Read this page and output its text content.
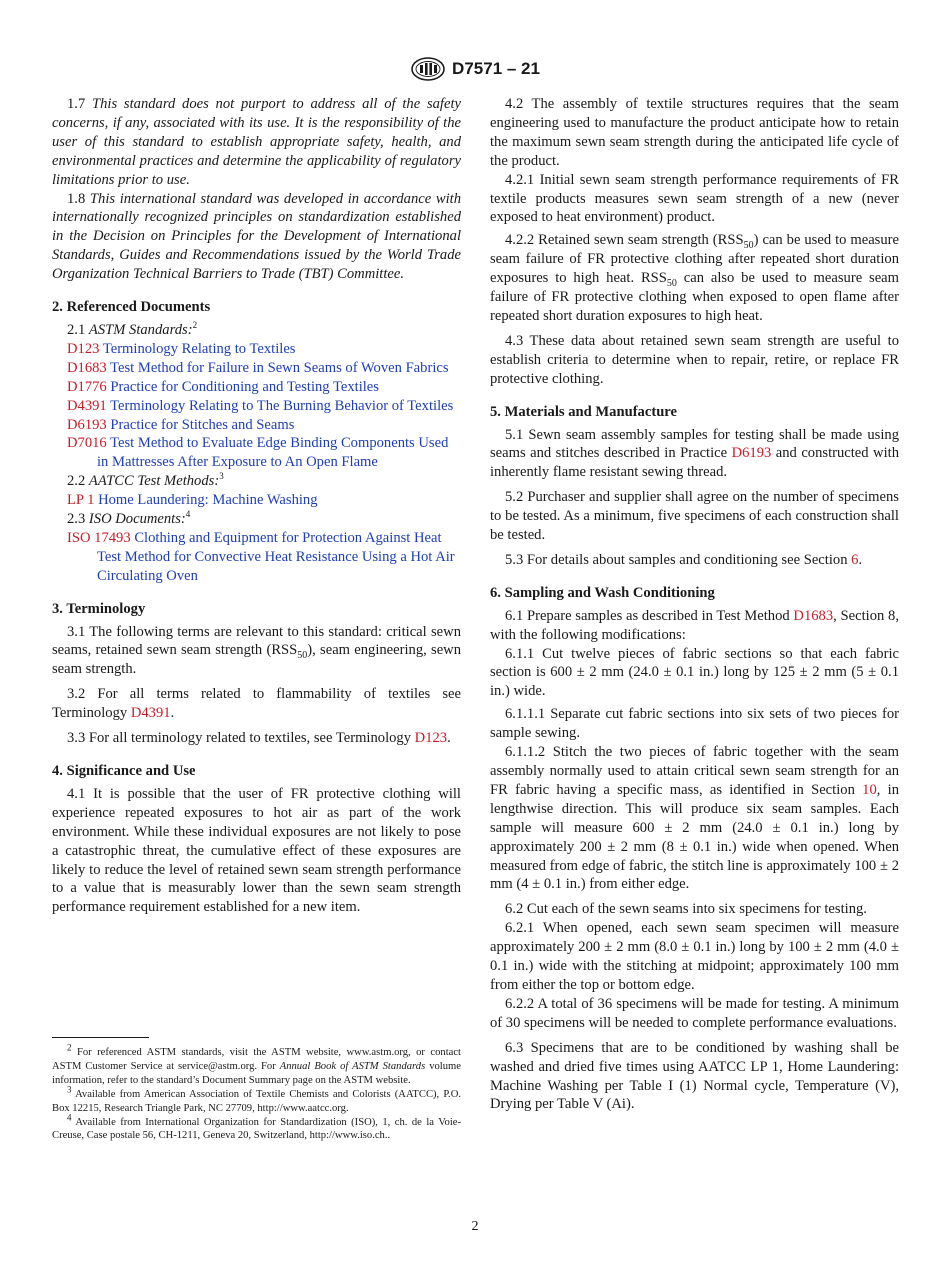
D7571 – 21

1.7 This standard does not purport to address all of the safety concerns, if any, associated with its use. It is the responsibility of the user of this standard to establish appropriate safety, health, and environmental practices and determine the applicability of regulatory limitations prior to use.

1.8 This international standard was developed in accordance with internationally recognized principles on standardization established in the Decision on Principles for the Development of International Standards, Guides and Recommendations issued by the World Trade Organization Technical Barriers to Trade (TBT) Committee.

2. Referenced Documents

2.1 ASTM Standards:$^2$

D123 Terminology Relating to Textiles

D1683 Test Method for Failure in Sewn Seams of Woven Fabrics

D1776 Practice for Conditioning and Testing Textiles

D4391 Terminology Relating to The Burning Behavior of Textiles

D6193 Practice for Stitches and Seams

D7016 Test Method to Evaluate Edge Binding Components Used in Mattresses After Exposure to An Open Flame

2.2 AATCC Test Methods:$^3$

LP 1 Home Laundering: Machine Washing

2.3 ISO Documents:$^4$

ISO 17493 Clothing and Equipment for Protection Against Heat Test Method for Convective Heat Resistance Using a Hot Air Circulating Oven

3. Terminology

3.1 The following terms are relevant to this standard: critical sewn seams, retained sewn seam strength $(RSS_{50})$, seam engineering, sewn seam strength.

3.2 For all terms related to flammability of textiles see Terminology D4391.

3.3 For all terminology related to textiles, see Terminology D123.

4. Significance and Use

4.1 It is possible that the user of FR protective clothing will experience repeated exposures to hot air as part of the work environment. While these individual exposures are not likely to pose a catastrophic threat, the cumulative effect of these exposures are likely to reduce the level of retained sewn seam strength performance to a value that is measurably lower than the sewn seam strength performance requirement established for a new item.

$^2$ For referenced ASTM standards, visit the ASTM website, www.astm.org, or contact ASTM Customer Service at service@astm.org. For Annual Book of ASTM Standards volume information, refer to the standard’s Document Summary page on the ASTM website.

$^3$ Available from American Association of Textile Chemists and Colorists (AATCC), P.O. Box 12215, Research Triangle Park, NC 27709, http://www.aatcc.org.

$^4$ Available from International Organization for Standardization (ISO), 1, ch. de la Voie-Creuse, Case postale 56, CH-1211, Geneva 20, Switzerland, http://www.iso.ch..

4.2 The assembly of textile structures requires that the seam engineering used to manufacture the product anticipate how to retain the maximum sewn seam strength during the anticipated life cycle of the product.

4.2.1 Initial sewn seam strength performance requirements of FR textile products measures sewn seam strength of a new (never exposed to heat environment) product.

4.2.2 Retained sewn seam strength $(RSS_{50})$ can be used to measure seam failure of FR protective clothing after repeated short duration exposures to high heat. $RSS_{50}$ can also be used to measure seam failure of FR protective clothing when exposed to open flame after repeated short duration exposures to high heat.

4.3 These data about retained sewn seam strength are useful to establish criteria to determine when to repair, retire, or replace FR protective clothing.

5. Materials and Manufacture

5.1 Sewn seam assembly samples for testing shall be made using seams and stitches described in Practice D6193 and constructed with inherently flame resistant sewing thread.

5.2 Purchaser and supplier shall agree on the number of specimens to be tested. As a minimum, five specimens of each construction shall be tested.

5.3 For details about samples and conditioning see Section 6.

6. Sampling and Wash Conditioning

6.1 Prepare samples as described in Test Method D1683, Section 8, with the following modifications:

6.1.1 Cut twelve pieces of fabric sections so that each fabric section is 600 ± 2 mm (24.0 ± 0.1 in.) long by 125 ± 2 mm (5 ± 0.1 in.) wide.

6.1.1.1 Separate cut fabric sections into six sets of two pieces for sample sewing.

6.1.1.2 Stitch the two pieces of fabric together with the seam assembly normally used to attain critical sewn seam strength for an FR fabric having a specific mass, as identified in Section 10, in lengthwise direction. This will produce six seam samples. Each sample will measure 600 ± 2 mm (24.0 ± 0.1 in.) long by approximately 200 ± 2 mm (8 ± 0.1 in.) wide when opened. When measured from edge of fabric, the stitch line is approximately 100 ± 2 mm (4 ± 0.1 in.) from either edge.

6.2 Cut each of the sewn seams into six specimens for testing.

6.2.1 When opened, each sewn seam specimen will measure approximately 200 ± 2 mm (8.0 ± 0.1 in.) long by 100 ± 2 mm (4.0 ± 0.1 in.) wide with the stitching at midpoint; approximately 100 mm from either the top or bottom edge.

6.2.2 A total of 36 specimens will be made for testing. A minimum of 30 specimens will be needed to complete performance evaluations.

6.3 Specimens that are to be conditioned by washing shall be washed and dried five times using AATCC LP 1, Home Laundering: Machine Washing per Table I (1) Normal cycle, Temperature (V), Drying per Table V (Ai).

2
